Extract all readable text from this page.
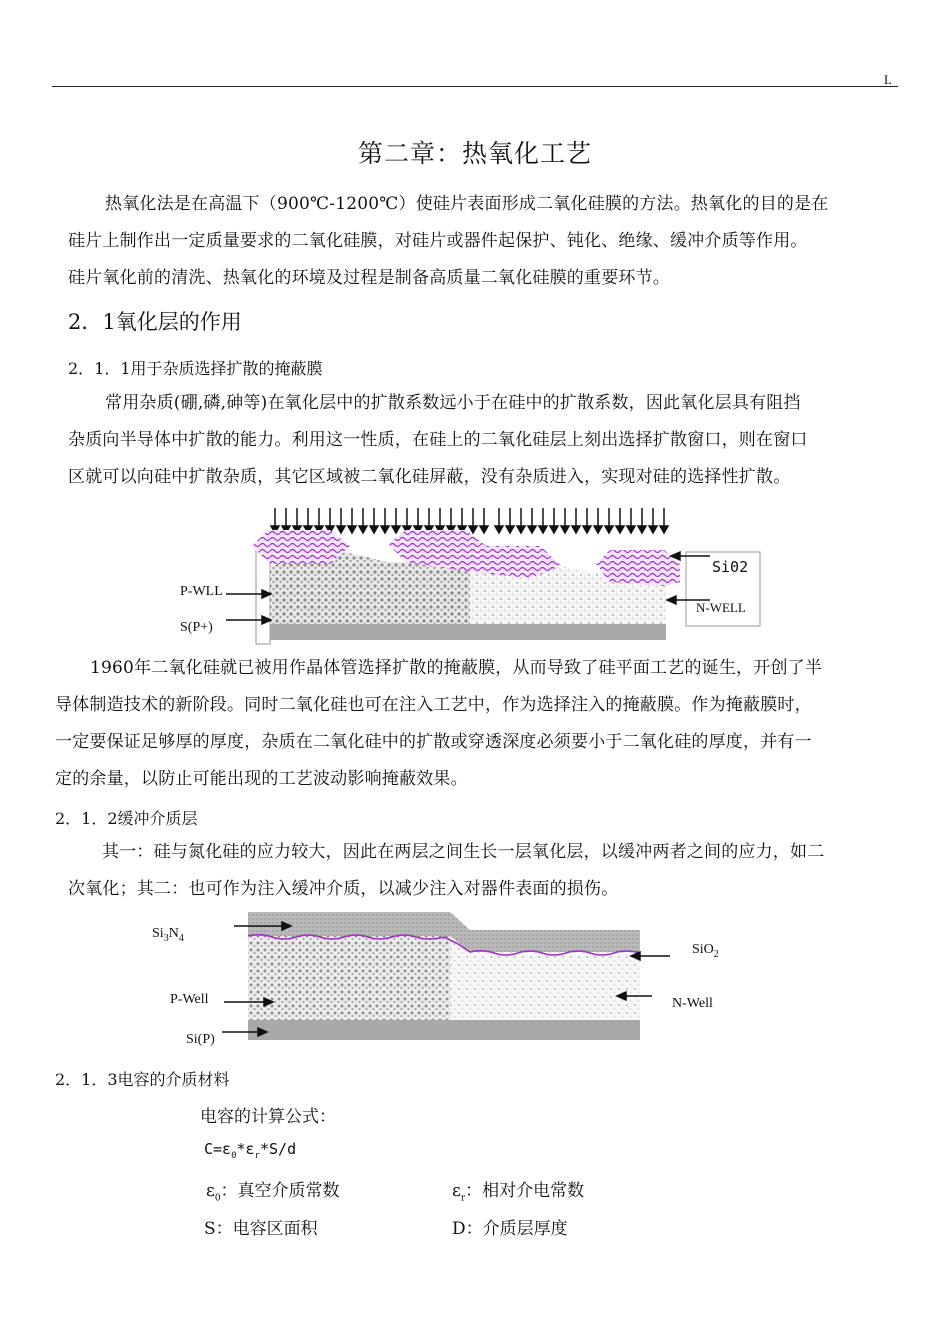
L
第二章：热氧化工艺
热氧化法是在高温下（900℃-1200℃）使硅片表面形成二氧化硅膜的方法。热氧化的目的是在
硅片上制作出一定质量要求的二氧化硅膜，对硅片或器件起保护、钝化、绝缘、缓冲介质等作用。
硅片氧化前的清洗、热氧化的环境及过程是制备高质量二氧化硅膜的重要环节。
2．1氧化层的作用
2．1．1用于杂质选择扩散的掩蔽膜
常用杂质(硼,磷,砷等)在氧化层中的扩散系数远小于在硅中的扩散系数，因此氧化层具有阻挡
杂质向半导体中扩散的能力。利用这一性质，在硅上的二氧化硅层上刻出选择扩散窗口，则在窗口
区就可以向硅中扩散杂质，其它区域被二氧化硅屏蔽，没有杂质进入，实现对硅的选择性扩散。
P-WLL
S(P+)
Si02
N-WELL
1960年二氧化硅就已被用作晶体管选择扩散的掩蔽膜，从而导致了硅平面工艺的诞生，开创了半
导体制造技术的新阶段。同时二氧化硅也可在注入工艺中，作为选择注入的掩蔽膜。作为掩蔽膜时，
一定要保证足够厚的厚度，杂质在二氧化硅中的扩散或穿透深度必须要小于二氧化硅的厚度，并有一
定的余量，以防止可能出现的工艺波动影响掩蔽效果。
2．1．2缓冲介质层
其一：硅与氮化硅的应力较大，因此在两层之间生长一层氧化层，以缓冲两者之间的应力，如二
次氧化；其二：也可作为注入缓冲介质，以减少注入对器件表面的损伤。
$Si_3N_4$
SiO$_2$
P-Well	N-Well
Si(P)
2．1．3电容的介质材料
电容的计算公式：
$C=\varepsilon_0*\varepsilon_r*S/d$
$\varepsilon_0$：真空介质常数	$\varepsilon_r$：相对介电常数
S：电容区面积	D：介质层厚度
